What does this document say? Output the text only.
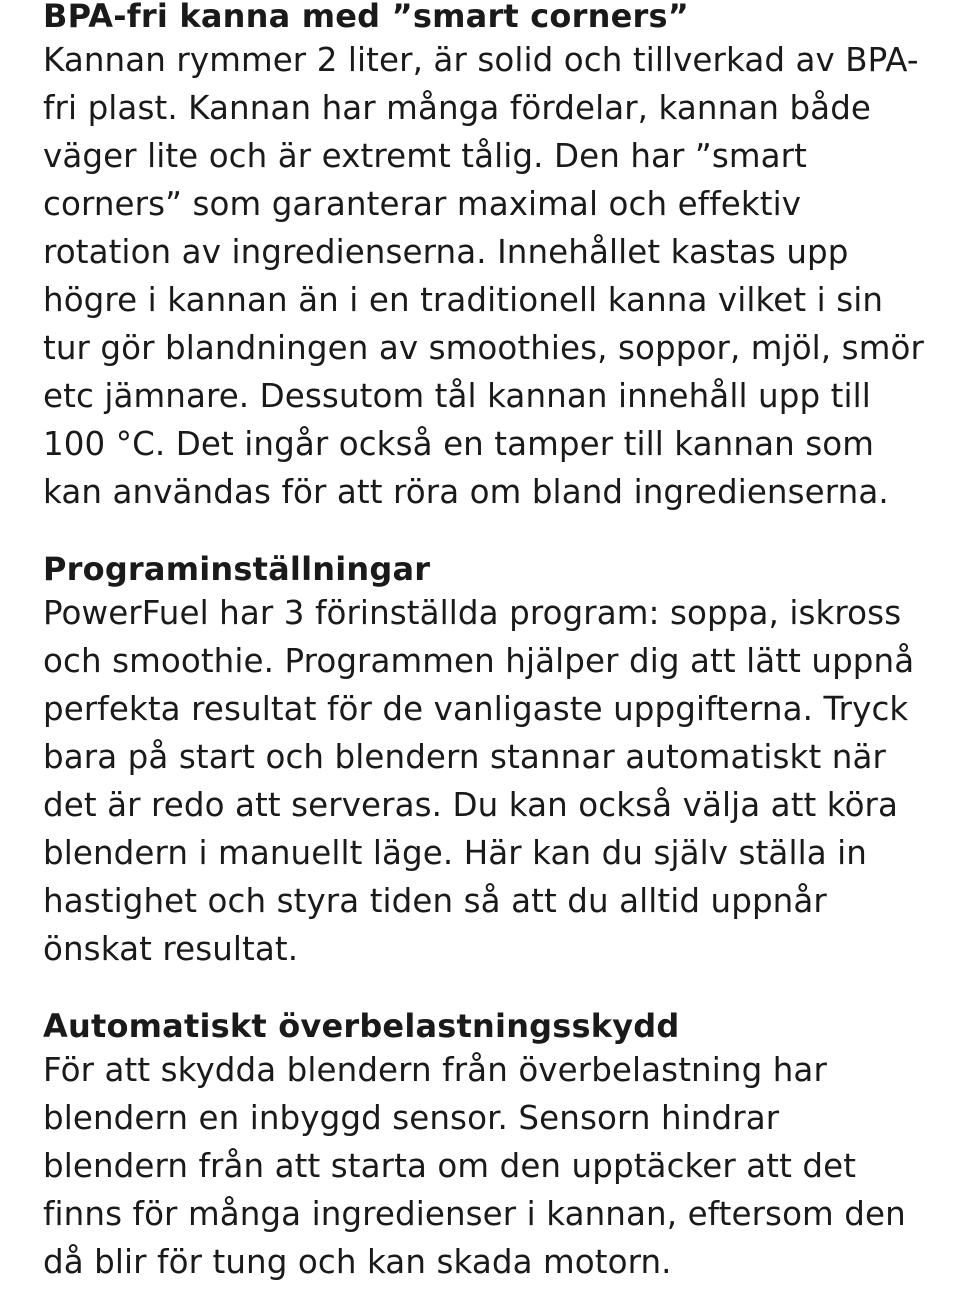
BPA-fri kanna med ”smart corners”

Kannan rymmer 2 liter, är solid och tillverkad av BPA-fri plast. Kannan har många fördelar, kannan både väger lite och är extremt tålig. Den har ”smart corners” som garanterar maximal och effektiv rotation av ingredienserna. Innehållet kastas upp högre i kannan än i en traditionell kanna vilket i sin tur gör blandningen av smoothies, soppor, mjöl, smör etc jämnare. Dessutom tål kannan innehåll upp till 100 °C. Det ingår också en tamper till kannan som kan användas för att röra om bland ingredienserna.

Programinställningar

PowerFuel har 3 förinställda program: soppa, iskross och smoothie. Programmen hjälper dig att lätt uppnå perfekta resultat för de vanligaste uppgifterna. Tryck bara på start och blendern stannar automatiskt när det är redo att serveras. Du kan också välja att köra blendern i manuellt läge. Här kan du själv ställa in hastighet och styra tiden så att du alltid uppnår önskat resultat.

Automatiskt överbelastningsskydd

För att skydda blendern från överbelastning har blendern en inbyggd sensor. Sensorn hindrar blendern från att starta om den upptäcker att det finns för många ingredienser i kannan, eftersom den då blir för tung och kan skada motorn.
